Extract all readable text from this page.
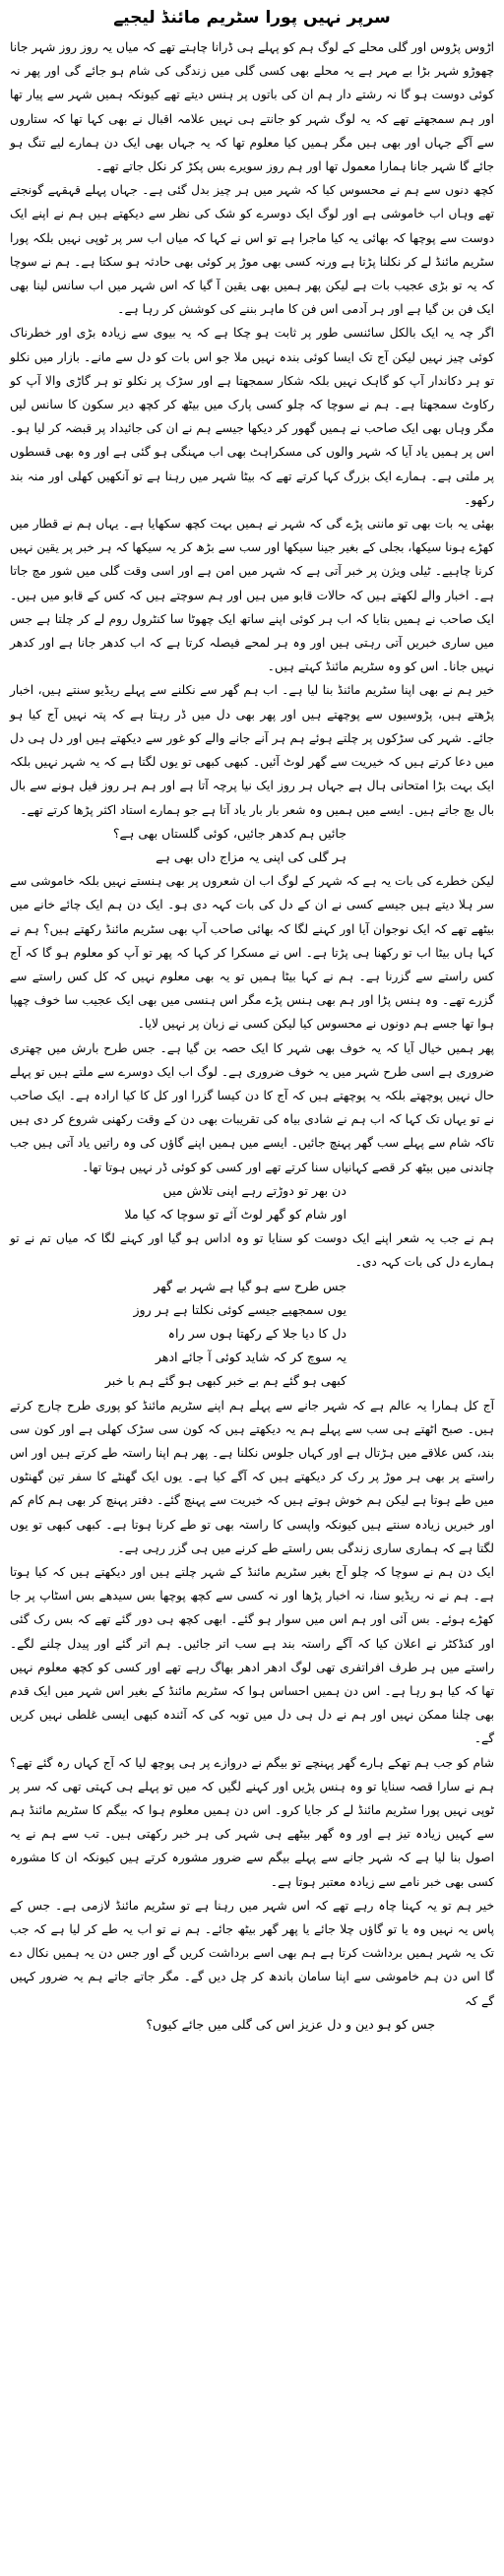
سرپر نہیں پورا سٹریم مائنڈ لیجیے

اڑوس پڑوس اور گلی محلے کے لوگ ہم کو پہلے ہی ڈرانا چاہتے تھے کہ میاں یہ روز روز شہر جانا چھوڑو شہر بڑا بے مہر ہے یہ محلے بھی کسی گلی میں زندگی کی شام ہو جائے گی اور پھر نہ کوئی دوست ہو گا نہ رشتے دار ہم ان کی باتوں پر ہنس دیتے تھے کیونکہ ہمیں شہر سے پیار تھا اور ہم سمجھتے تھے کہ یہ لوگ شہر کو جانتے ہی نہیں علامہ اقبال نے بھی کہا تھا کہ ستاروں سے آگے جہاں اور بھی ہیں مگر ہمیں کیا معلوم تھا کہ یہ جہاں بھی ایک دن ہمارے لیے تنگ ہو جائے گا شہر جانا ہمارا معمول تھا اور ہم روز سویرے بس پکڑ کر نکل جاتے تھے۔

کچھ دنوں سے ہم نے محسوس کیا کہ شہر میں ہر چیز بدل گئی ہے۔ جہاں پہلے قہقہے گونجتے تھے وہاں اب خاموشی ہے اور لوگ ایک دوسرے کو شک کی نظر سے دیکھتے ہیں ہم نے اپنے ایک دوست سے پوچھا کہ بھائی یہ کیا ماجرا ہے تو اس نے کہا کہ میاں اب سر پر ٹوپی نہیں بلکہ پورا سٹریم مائنڈ لے کر نکلنا پڑتا ہے ورنہ کسی بھی موڑ پر کوئی بھی حادثہ ہو سکتا ہے۔ ہم نے سوچا کہ یہ تو بڑی عجیب بات ہے لیکن پھر ہمیں بھی یقین آ گیا کہ اس شہر میں اب سانس لینا بھی ایک فن بن گیا ہے اور ہر آدمی اس فن کا ماہر بننے کی کوشش کر رہا ہے۔

اگر چہ یہ ایک بالکل سائنسی طور پر ثابت ہو چکا ہے کہ یہ بیوی سے زیادہ بڑی اور خطرناک کوئی چیز نہیں لیکن آج تک ایسا کوئی بندہ نہیں ملا جو اس بات کو دل سے مانے۔ بازار میں نکلو تو ہر دکاندار آپ کو گاہک نہیں بلکہ شکار سمجھتا ہے اور سڑک پر نکلو تو ہر گاڑی والا آپ کو رکاوٹ سمجھتا ہے۔ ہم نے سوچا کہ چلو کسی پارک میں بیٹھ کر کچھ دیر سکون کا سانس لیں مگر وہاں بھی ایک صاحب نے ہمیں گھور کر دیکھا جیسے ہم نے ان کی جائیداد پر قبضہ کر لیا ہو۔ اس پر ہمیں یاد آیا کہ شہر والوں کی مسکراہٹ بھی اب مہنگی ہو گئی ہے اور وہ بھی قسطوں پر ملتی ہے۔ ہمارے ایک بزرگ کہا کرتے تھے کہ بیٹا شہر میں رہنا ہے تو آنکھیں کھلی اور منہ بند رکھو۔

بھئی یہ بات بھی تو ماننی پڑے گی کہ شہر نے ہمیں بہت کچھ سکھایا ہے۔ یہاں ہم نے قطار میں کھڑے ہونا سیکھا، بجلی کے بغیر جینا سیکھا اور سب سے بڑھ کر یہ سیکھا کہ ہر خبر پر یقین نہیں کرنا چاہیے۔ ٹیلی ویژن پر خبر آتی ہے کہ شہر میں امن ہے اور اسی وقت گلی میں شور مچ جاتا ہے۔ اخبار والے لکھتے ہیں کہ حالات قابو میں ہیں اور ہم سوچتے ہیں کہ کس کے قابو میں ہیں۔ ایک صاحب نے ہمیں بتایا کہ اب ہر کوئی اپنے ساتھ ایک چھوٹا سا کنٹرول روم لے کر چلتا ہے جس میں ساری خبریں آتی رہتی ہیں اور وہ ہر لمحے فیصلہ کرتا ہے کہ اب کدھر جانا ہے اور کدھر نہیں جانا۔ اس کو وہ سٹریم مائنڈ کہتے ہیں۔

خیر ہم نے بھی اپنا سٹریم مائنڈ بنا لیا ہے۔ اب ہم گھر سے نکلنے سے پہلے ریڈیو سنتے ہیں، اخبار پڑھتے ہیں، پڑوسیوں سے پوچھتے ہیں اور پھر بھی دل میں ڈر رہتا ہے کہ پتہ نہیں آج کیا ہو جائے۔ شہر کی سڑکوں پر چلتے ہوئے ہم ہر آنے جانے والے کو غور سے دیکھتے ہیں اور دل ہی دل میں دعا کرتے ہیں کہ خیریت سے گھر لوٹ آئیں۔ کبھی کبھی تو یوں لگتا ہے کہ یہ شہر نہیں بلکہ ایک بہت بڑا امتحانی ہال ہے جہاں ہر روز ایک نیا پرچہ آتا ہے اور ہم ہر روز فیل ہونے سے بال بال بچ جاتے ہیں۔ ایسے میں ہمیں وہ شعر بار بار یاد آتا ہے جو ہمارے استاد اکثر پڑھا کرتے تھے۔

جائیں ہم کدھر جائیں، کوئی گلستاں بھی ہے؟
ہر گلی کی اپنی یہ مزاج داں بھی ہے

لیکن خطرے کی بات یہ ہے کہ شہر کے لوگ اب ان شعروں پر بھی ہنستے نہیں بلکہ خاموشی سے سر ہلا دیتے ہیں جیسے کسی نے ان کے دل کی بات کہہ دی ہو۔ ایک دن ہم ایک چائے خانے میں بیٹھے تھے کہ ایک نوجوان آیا اور کہنے لگا کہ بھائی صاحب آپ بھی سٹریم مائنڈ رکھتے ہیں؟ ہم نے کہا ہاں بیٹا اب تو رکھنا ہی پڑتا ہے۔ اس نے مسکرا کر کہا کہ پھر تو آپ کو معلوم ہو گا کہ آج کس راستے سے گزرنا ہے۔ ہم نے کہا بیٹا ہمیں تو یہ بھی معلوم نہیں کہ کل کس راستے سے گزرے تھے۔ وہ ہنس پڑا اور ہم بھی ہنس پڑے مگر اس ہنسی میں بھی ایک عجیب سا خوف چھپا ہوا تھا جسے ہم دونوں نے محسوس کیا لیکن کسی نے زبان پر نہیں لایا۔

پھر ہمیں خیال آیا کہ یہ خوف بھی شہر کا ایک حصہ بن گیا ہے۔ جس طرح بارش میں چھتری ضروری ہے اسی طرح شہر میں یہ خوف ضروری ہے۔ لوگ اب ایک دوسرے سے ملتے ہیں تو پہلے حال نہیں پوچھتے بلکہ یہ پوچھتے ہیں کہ آج کا دن کیسا گزرا اور کل کا کیا ارادہ ہے۔ ایک صاحب نے تو یہاں تک کہا کہ اب ہم نے شادی بیاہ کی تقریبات بھی دن کے وقت رکھنی شروع کر دی ہیں تاکہ شام سے پہلے سب گھر پہنچ جائیں۔ ایسے میں ہمیں اپنے گاؤں کی وہ راتیں یاد آتی ہیں جب چاندنی میں بیٹھ کر قصے کہانیاں سنا کرتے تھے اور کسی کو کوئی ڈر نہیں ہوتا تھا۔

دن بھر تو دوڑتے رہے اپنی تلاش میں
اور شام کو گھر لوٹ آئے تو سوچا کہ کیا ملا

ہم نے جب یہ شعر اپنے ایک دوست کو سنایا تو وہ اداس ہو گیا اور کہنے لگا کہ میاں تم نے تو ہمارے دل کی بات کہہ دی۔

جس طرح سے ہو گیا ہے شہر بے گھر
یوں سمجھیے جیسے کوئی نکلتا ہے ہر روز
دل کا دیا جلا کے رکھتا ہوں سر راہ
یہ سوچ کر کہ شاید کوئی آ جائے ادھر
کبھی ہو گئے ہم بے خبر کبھی ہو گئے ہم با خبر

آج کل ہمارا یہ عالم ہے کہ شہر جانے سے پہلے ہم اپنے سٹریم مائنڈ کو پوری طرح چارج کرتے ہیں۔ صبح اٹھتے ہی سب سے پہلے ہم یہ دیکھتے ہیں کہ کون سی سڑک کھلی ہے اور کون سی بند، کس علاقے میں ہڑتال ہے اور کہاں جلوس نکلنا ہے۔ پھر ہم اپنا راستہ طے کرتے ہیں اور اس راستے پر بھی ہر موڑ پر رک کر دیکھتے ہیں کہ آگے کیا ہے۔ یوں ایک گھنٹے کا سفر تین گھنٹوں میں طے ہوتا ہے لیکن ہم خوش ہوتے ہیں کہ خیریت سے پہنچ گئے۔ دفتر پہنچ کر بھی ہم کام کم اور خبریں زیادہ سنتے ہیں کیونکہ واپسی کا راستہ بھی تو طے کرنا ہوتا ہے۔ کبھی کبھی تو یوں لگتا ہے کہ ہماری ساری زندگی بس راستے طے کرنے میں ہی گزر رہی ہے۔

ایک دن ہم نے سوچا کہ چلو آج بغیر سٹریم مائنڈ کے شہر چلتے ہیں اور دیکھتے ہیں کہ کیا ہوتا ہے۔ ہم نے نہ ریڈیو سنا، نہ اخبار پڑھا اور نہ کسی سے کچھ پوچھا بس سیدھے بس اسٹاپ پر جا کھڑے ہوئے۔ بس آئی اور ہم اس میں سوار ہو گئے۔ ابھی کچھ ہی دور گئے تھے کہ بس رک گئی اور کنڈکٹر نے اعلان کیا کہ آگے راستہ بند ہے سب اتر جائیں۔ ہم اتر گئے اور پیدل چلنے لگے۔ راستے میں ہر طرف افراتفری تھی لوگ ادھر ادھر بھاگ رہے تھے اور کسی کو کچھ معلوم نہیں تھا کہ کیا ہو رہا ہے۔ اس دن ہمیں احساس ہوا کہ سٹریم مائنڈ کے بغیر اس شہر میں ایک قدم بھی چلنا ممکن نہیں اور ہم نے دل ہی دل میں توبہ کی کہ آئندہ کبھی ایسی غلطی نہیں کریں گے۔

شام کو جب ہم تھکے ہارے گھر پہنچے تو بیگم نے دروازے پر ہی پوچھ لیا کہ آج کہاں رہ گئے تھے؟ ہم نے سارا قصہ سنایا تو وہ ہنس پڑیں اور کہنے لگیں کہ میں تو پہلے ہی کہتی تھی کہ سر پر ٹوپی نہیں پورا سٹریم مائنڈ لے کر جایا کرو۔ اس دن ہمیں معلوم ہوا کہ بیگم کا سٹریم مائنڈ ہم سے کہیں زیادہ تیز ہے اور وہ گھر بیٹھے ہی شہر کی ہر خبر رکھتی ہیں۔ تب سے ہم نے یہ اصول بنا لیا ہے کہ شہر جانے سے پہلے بیگم سے ضرور مشورہ کرتے ہیں کیونکہ ان کا مشورہ کسی بھی خبر نامے سے زیادہ معتبر ہوتا ہے۔

خیر ہم تو یہ کہنا چاہ رہے تھے کہ اس شہر میں رہنا ہے تو سٹریم مائنڈ لازمی ہے۔ جس کے پاس یہ نہیں وہ یا تو گاؤں چلا جائے یا پھر گھر بیٹھ جائے۔ ہم نے تو اب یہ طے کر لیا ہے کہ جب تک یہ شہر ہمیں برداشت کرتا ہے ہم بھی اسے برداشت کریں گے اور جس دن یہ ہمیں نکال دے گا اس دن ہم خاموشی سے اپنا سامان باندھ کر چل دیں گے۔ مگر جاتے جاتے ہم یہ ضرور کہیں گے کہ

جس کو ہو دین و دل عزیز اس کی گلی میں جائے کیوں؟
